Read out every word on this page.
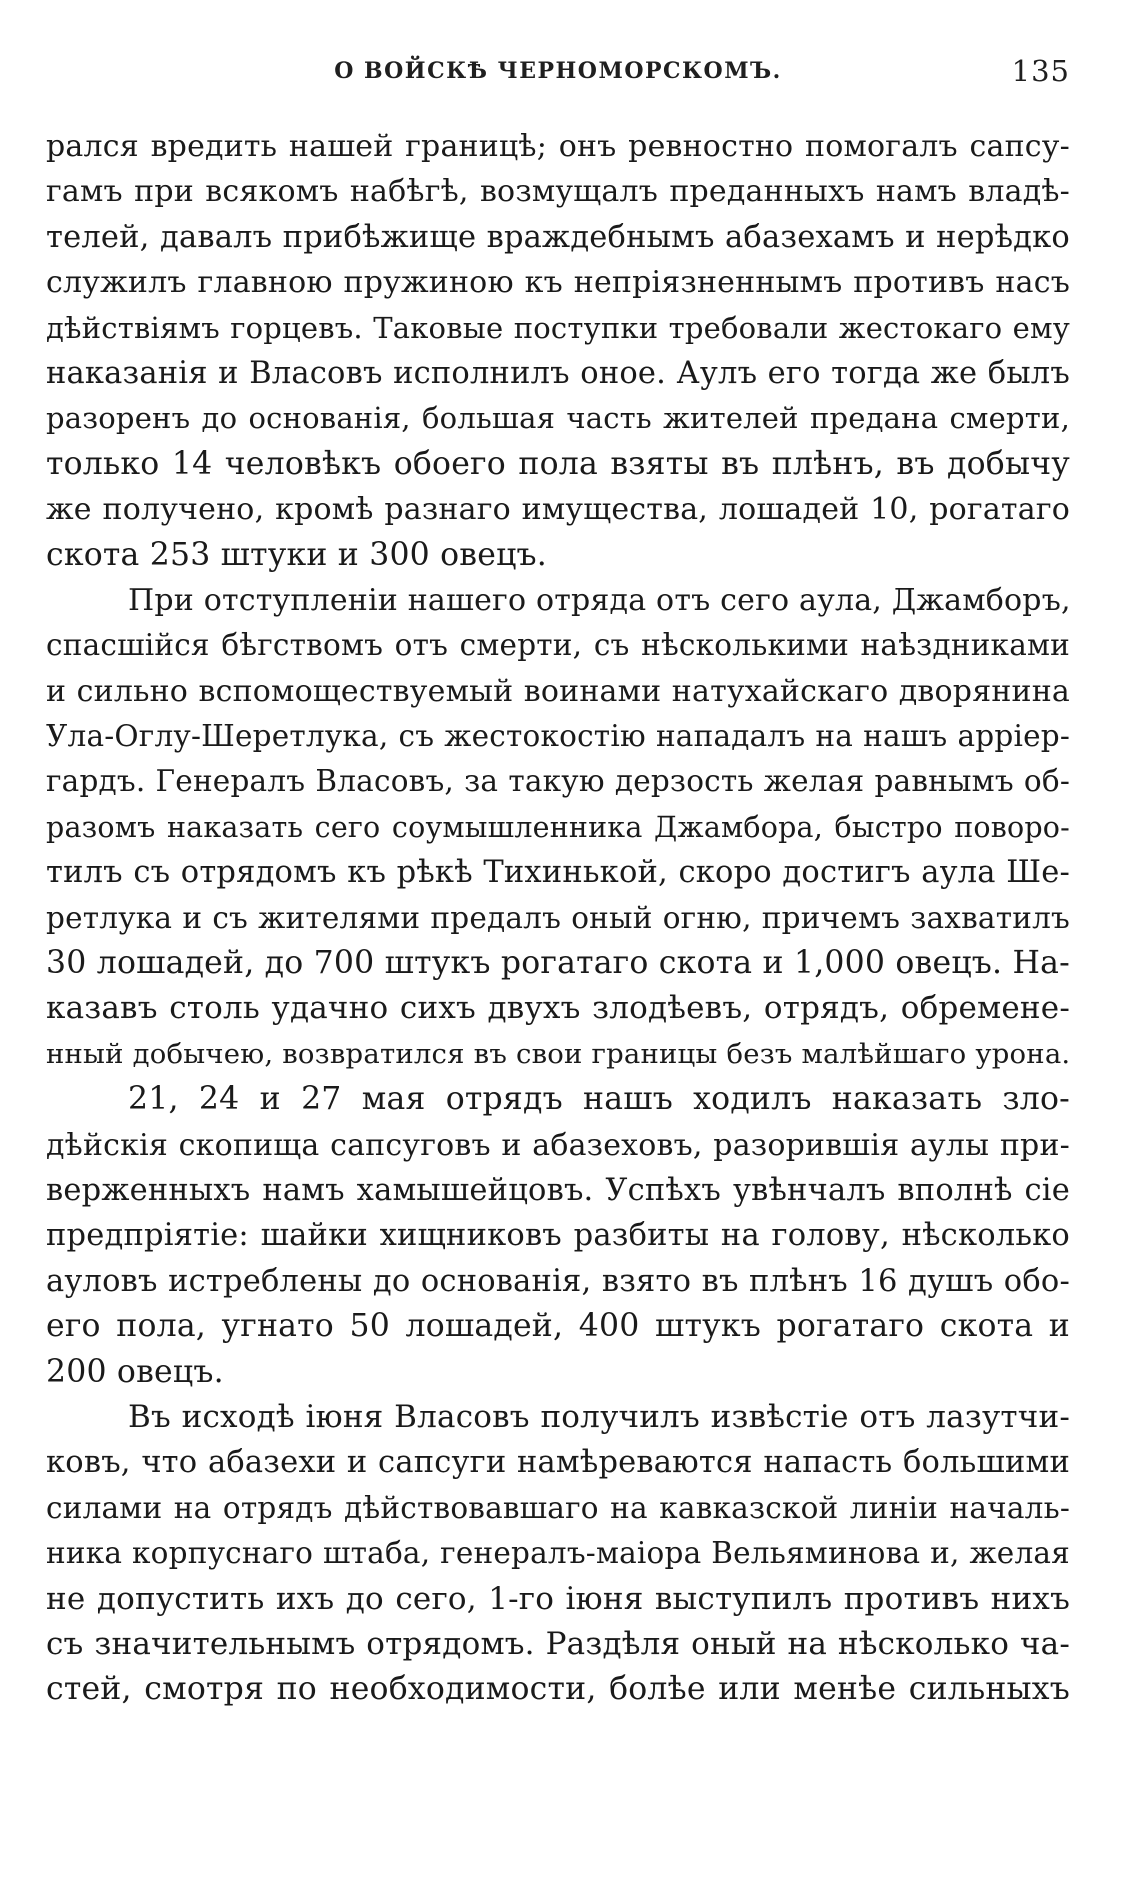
О ВОЙСКѢ ЧЕРНОМОРСКОМЪ.	135
рался вредить нашей границѣ; онъ ревностно помогалъ сапсу-
гамъ при всякомъ набѣгѣ, возмущалъ преданныхъ намъ владѣ-
телей, давалъ прибѣжище враждебнымъ абазехамъ и нерѣдко
служилъ главною пружиною къ непріязненнымъ противъ насъ
дѣйствіямъ горцевъ. Таковые поступки требовали жестокаго ему
наказанія и Власовъ исполнилъ оное. Аулъ его тогда же былъ
разоренъ до основанія, большая часть жителей предана смерти,
только 14 человѣкъ обоего пола взяты въ плѣнъ, въ добычу
же получено, кромѣ разнаго имущества, лошадей 10, рогатаго
скота 253 штуки и 300 овецъ.
При отступленіи нашего отряда отъ сего аула, Джамборъ,
спасшійся бѣгствомъ отъ смерти, съ нѣсколькими наѣздниками
и сильно вспомоществуемый воинами натухайскаго дворянина
Ула-Оглу-Шеретлука, съ жестокостію нападалъ на нашъ арріер-
гардъ. Генералъ Власовъ, за такую дерзость желая равнымъ об-
разомъ наказать сего соумышленника Джамбора, быстро поворо-
тилъ съ отрядомъ къ рѣкѣ Тихинькой, скоро достигъ аула Ше-
ретлука и съ жителями предалъ оный огню, причемъ захватилъ
30 лошадей, до 700 штукъ рогатаго скота и 1,000 овецъ. На-
казавъ столь удачно сихъ двухъ злодѣевъ, отрядъ, обремене-
нный добычею, возвратился въ свои границы безъ малѣйшаго урона.
21, 24 и 27 мая отрядъ нашъ ходилъ наказать зло-
дѣйскія скопища сапсуговъ и абазеховъ, разорившія аулы при-
верженныхъ намъ хамышейцовъ. Успѣхъ увѣнчалъ вполнѣ сіе
предпріятіе: шайки хищниковъ разбиты на голову, нѣсколько
ауловъ истреблены до основанія, взято въ плѣнъ 16 душъ обо-
его пола, угнато 50 лошадей, 400 штукъ рогатаго скота и
200 овецъ.
Въ исходѣ іюня Власовъ получилъ извѣстіе отъ лазутчи-
ковъ, что абазехи и сапсуги намѣреваются напасть большими
силами на отрядъ дѣйствовавшаго на кавказской линіи началь-
ника корпуснаго штаба, генералъ-маіора Вельяминова и, желая
не допустить ихъ до сего, 1-го іюня выступилъ противъ нихъ
съ значительнымъ отрядомъ. Раздѣля оный на нѣсколько ча-
стей, смотря по необходимости, болѣе или менѣе сильныхъ
